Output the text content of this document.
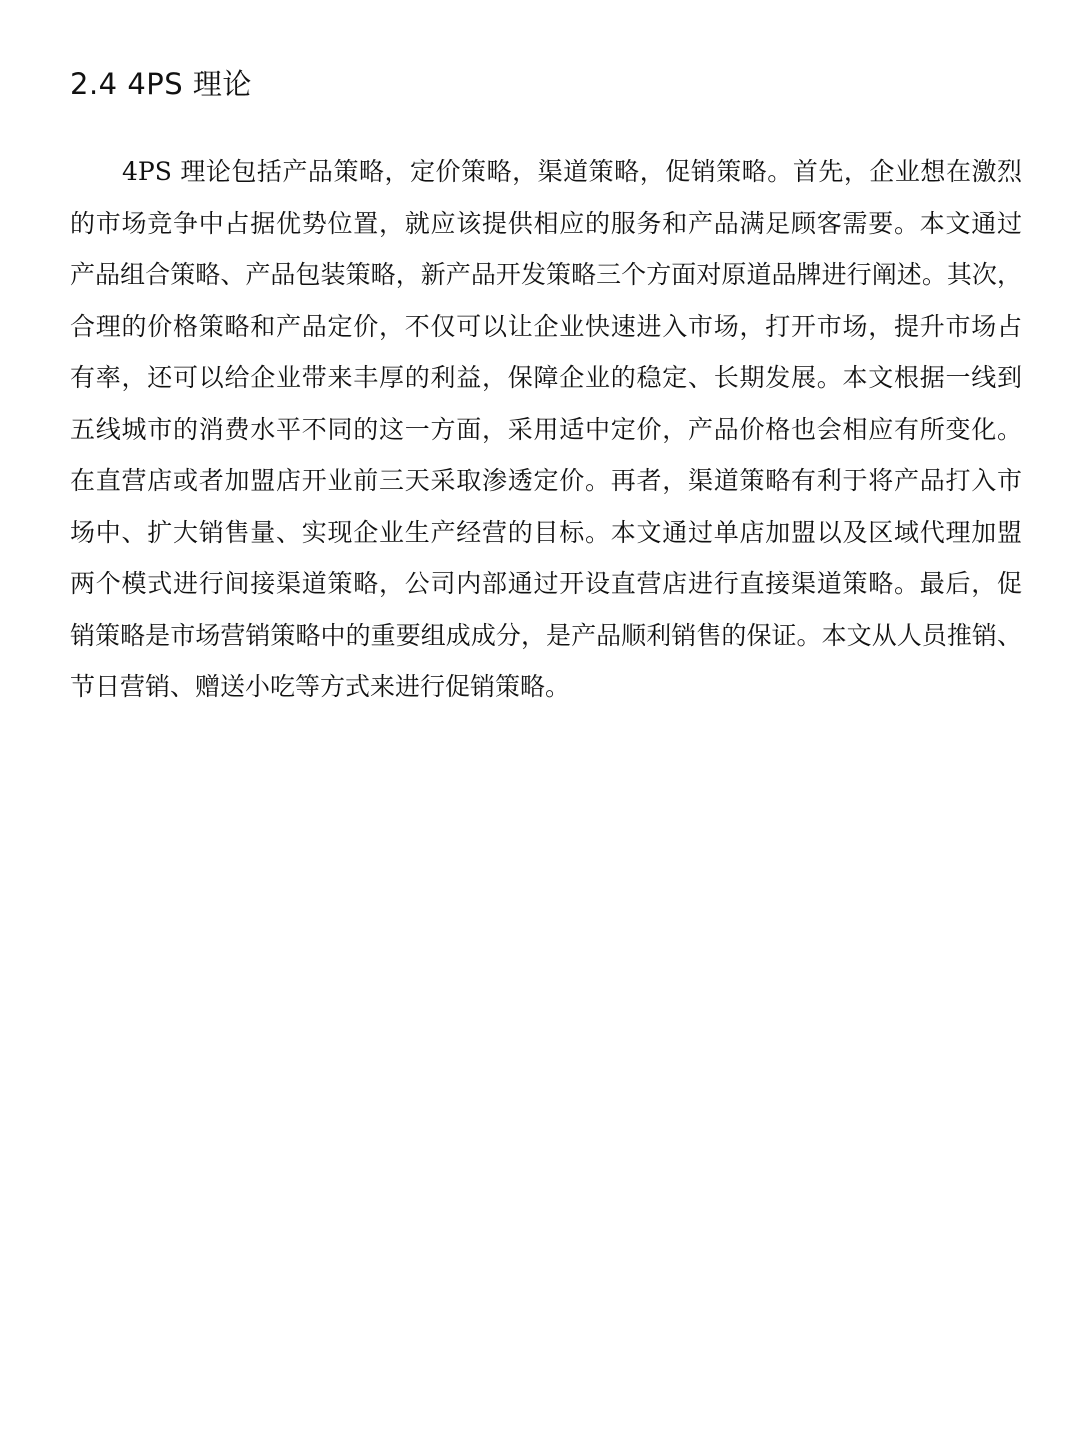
2.4 4PS 理论
4PS 理论包括产品策略，定价策略，渠道策略，促销策略。首先，企业想在激烈
的市场竞争中占据优势位置，就应该提供相应的服务和产品满足顾客需要。本文通过
产品组合策略、产品包装策略，新产品开发策略三个方面对原道品牌进行阐述。其次，
合理的价格策略和产品定价，不仅可以让企业快速进入市场，打开市场，提升市场占
有率，还可以给企业带来丰厚的利益，保障企业的稳定、长期发展。本文根据一线到
五线城市的消费水平不同的这一方面，采用适中定价，产品价格也会相应有所变化。
在直营店或者加盟店开业前三天采取渗透定价。再者，渠道策略有利于将产品打入市
场中、扩大销售量、实现企业生产经营的目标。本文通过单店加盟以及区域代理加盟
两个模式进行间接渠道策略，公司内部通过开设直营店进行直接渠道策略。最后，促
销策略是市场营销策略中的重要组成成分，是产品顺利销售的保证。本文从人员推销、
节日营销、赠送小吃等方式来进行促销策略。
